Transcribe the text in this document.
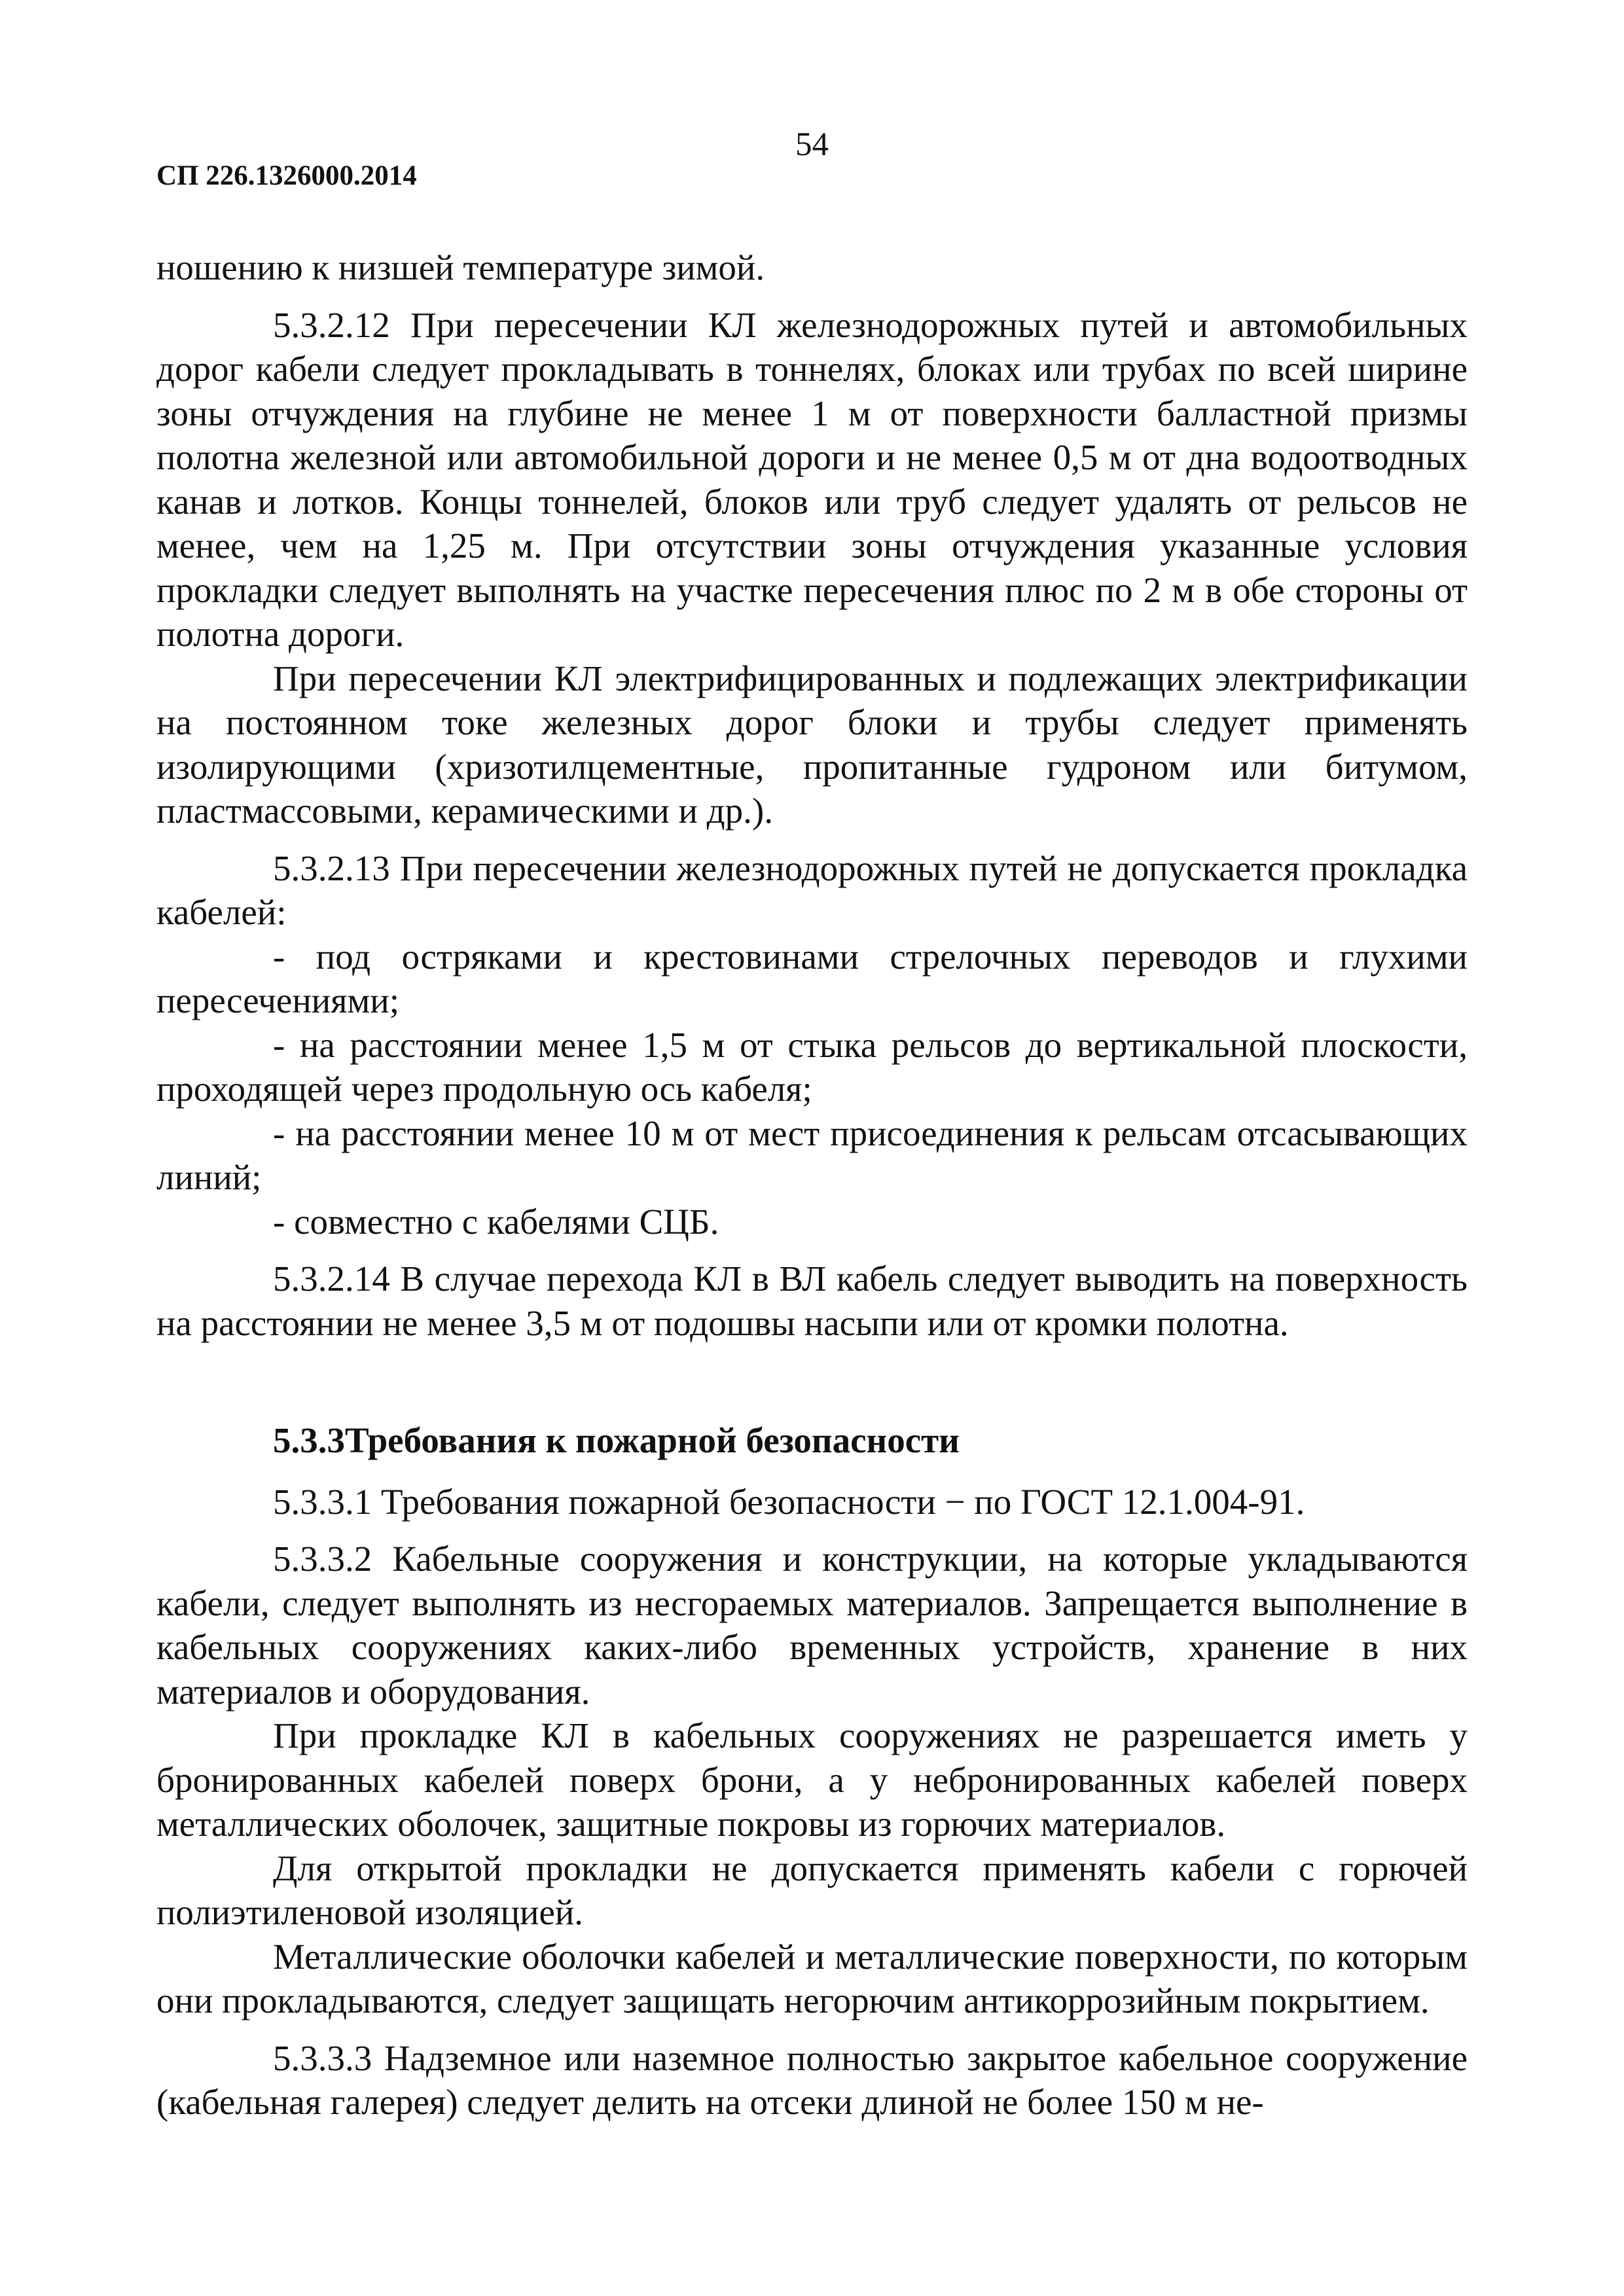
54
СП 226.1326000.2014

ношению к низшей температуре зимой.

5.3.2.12 При пересечении КЛ железнодорожных путей и автомобильных дорог кабели следует прокладывать в тоннелях, блоках или трубах по всей ширине зоны отчуждения на глубине не менее 1 м от поверхности балластной призмы полотна железной или автомобильной дороги и не менее 0,5 м от дна водоотводных канав и лотков. Концы тоннелей, блоков или труб следует удалять от рельсов не менее, чем на 1,25 м. При отсутствии зоны отчуждения указанные условия прокладки следует выполнять на участке пересечения плюс по 2 м в обе стороны от полотна дороги.

При пересечении КЛ электрифицированных и подлежащих электрификации на постоянном токе железных дорог блоки и трубы следует применять изолирующими (хризотилцементные, пропитанные гудроном или битумом, пластмассовыми, керамическими и др.).

5.3.2.13 При пересечении железнодорожных путей не допускается прокладка кабелей:

- под остряками и крестовинами стрелочных переводов и глухими пересечениями;

- на расстоянии менее 1,5 м от стыка рельсов до вертикальной плоскости, проходящей через продольную ось кабеля;

- на расстоянии менее 10 м от мест присоединения к рельсам отсасывающих линий;

- совместно с кабелями СЦБ.

5.3.2.14 В случае перехода КЛ в ВЛ кабель следует выводить на поверхность на расстоянии не менее 3,5 м от подошвы насыпи или от кромки полотна.

5.3.3Требования к пожарной безопасности

5.3.3.1 Требования пожарной безопасности − по ГОСТ 12.1.004-91.

5.3.3.2 Кабельные сооружения и конструкции, на которые укладываются кабели, следует выполнять из несгораемых материалов. Запрещается выполнение в кабельных сооружениях каких-либо временных устройств, хранение в них материалов и оборудования.

При прокладке КЛ в кабельных сооружениях не разрешается иметь у бронированных кабелей поверх брони, а у небронированных кабелей поверх металлических оболочек, защитные покровы из горючих материалов.

Для открытой прокладки не допускается применять кабели с горючей полиэтиленовой изоляцией.

Металлические оболочки кабелей и металлические поверхности, по которым они прокладываются, следует защищать негорючим антикоррозийным покрытием.

5.3.3.3 Надземное или наземное полностью закрытое кабельное сооружение (кабельная галерея) следует делить на отсеки длиной не более 150 м не-
